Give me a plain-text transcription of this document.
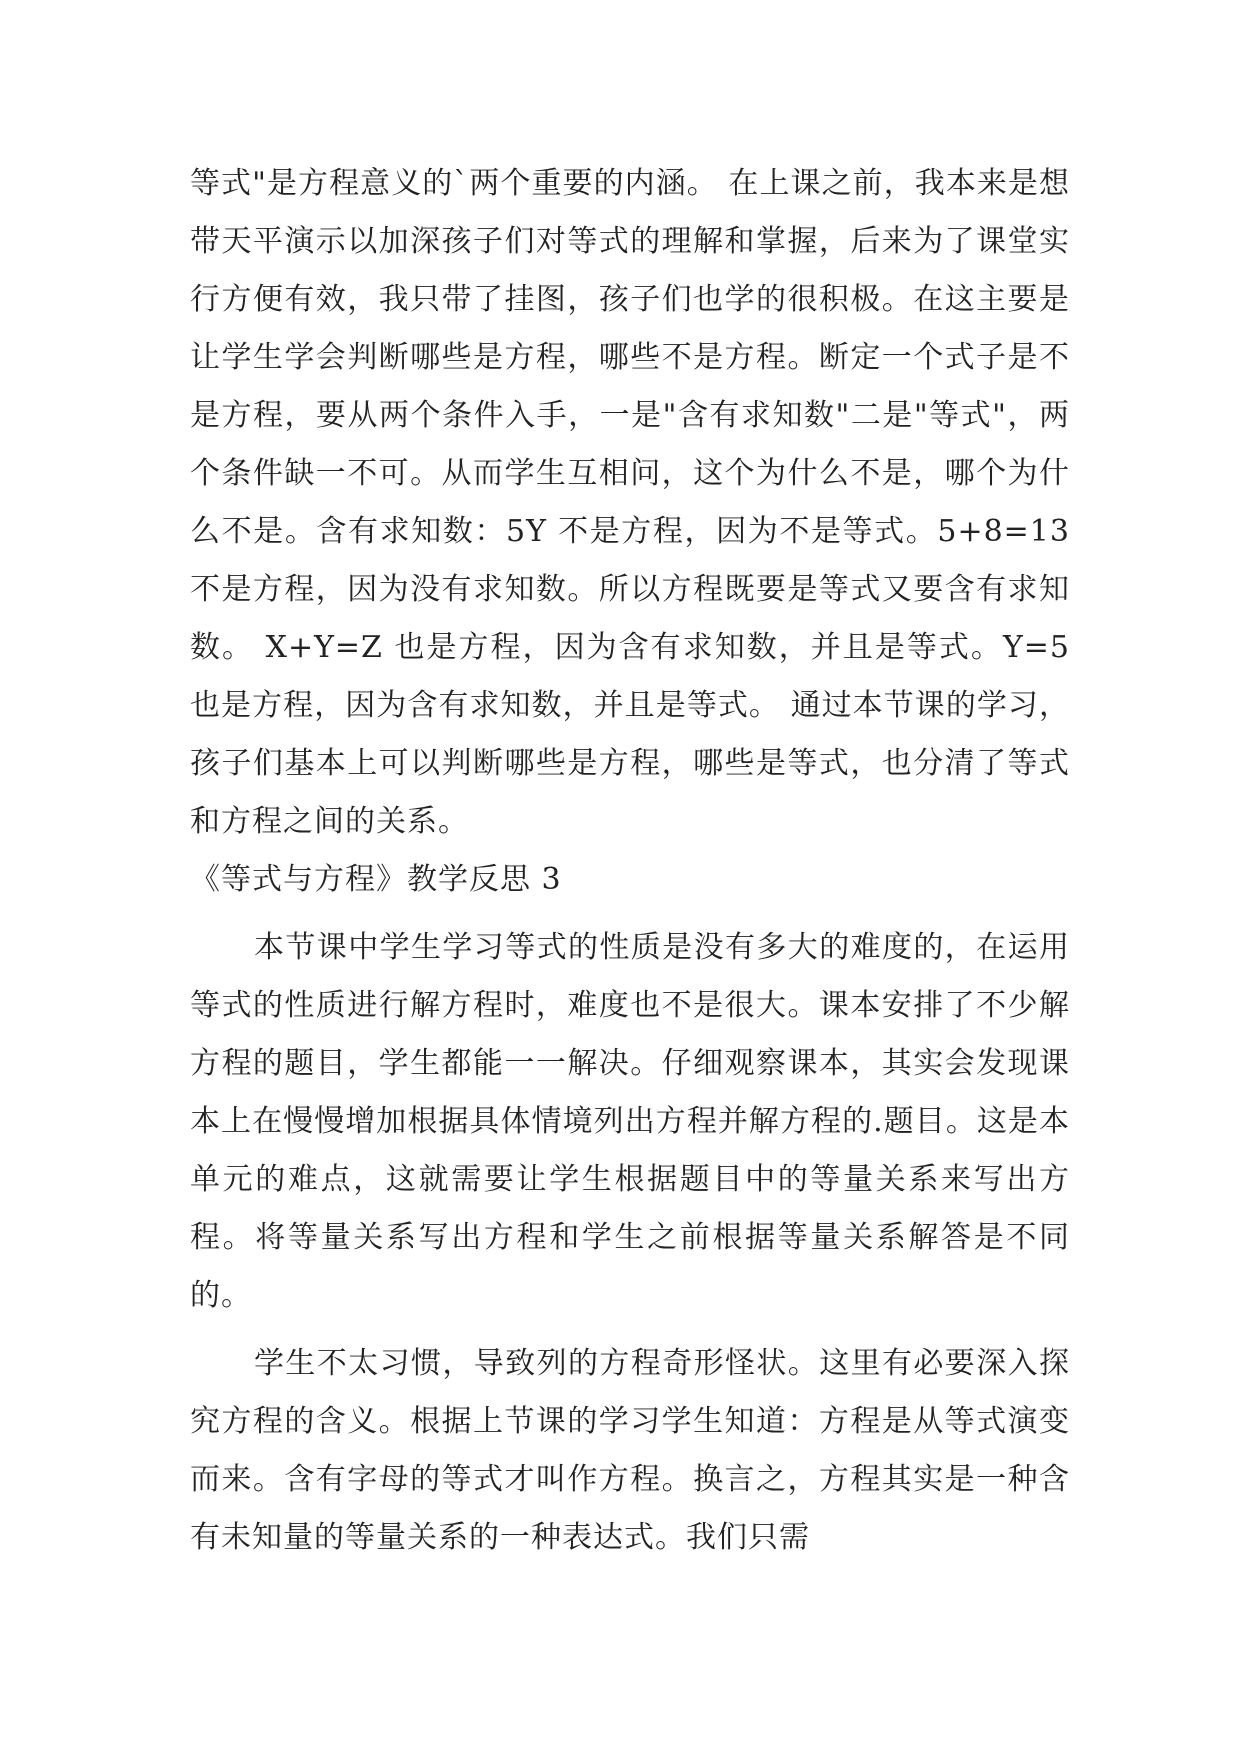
等式"是方程意义的`两个重要的内涵。 在上课之前，我本来是想带天平演示以加深孩子们对等式的理解和掌握，后来为了课堂实行方便有效，我只带了挂图，孩子们也学的很积极。在这主要是让学生学会判断哪些是方程，哪些不是方程。断定一个式子是不是方程，要从两个条件入手，一是"含有求知数"二是"等式"，两个条件缺一不可。从而学生互相问，这个为什么不是，哪个为什么不是。含有求知数：5Y 不是方程，因为不是等式。5+8=13 不是方程，因为没有求知数。所以方程既要是等式又要含有求知数。 X+Y=Z 也是方程，因为含有求知数，并且是等式。Y=5 也是方程，因为含有求知数，并且是等式。 通过本节课的学习，孩子们基本上可以判断哪些是方程，哪些是等式，也分清了等式和方程之间的关系。

《等式与方程》教学反思 3

本节课中学生学习等式的性质是没有多大的难度的，在运用等式的性质进行解方程时，难度也不是很大。课本安排了不少解方程的题目，学生都能一一解决。仔细观察课本，其实会发现课本上在慢慢增加根据具体情境列出方程并解方程的.题目。这是本单元的难点，这就需要让学生根据题目中的等量关系来写出方程。将等量关系写出方程和学生之前根据等量关系解答是不同的。

学生不太习惯，导致列的方程奇形怪状。这里有必要深入探究方程的含义。根据上节课的学习学生知道：方程是从等式演变而来。含有字母的等式才叫作方程。换言之，方程其实是一种含有未知量的等量关系的一种表达式。我们只需
